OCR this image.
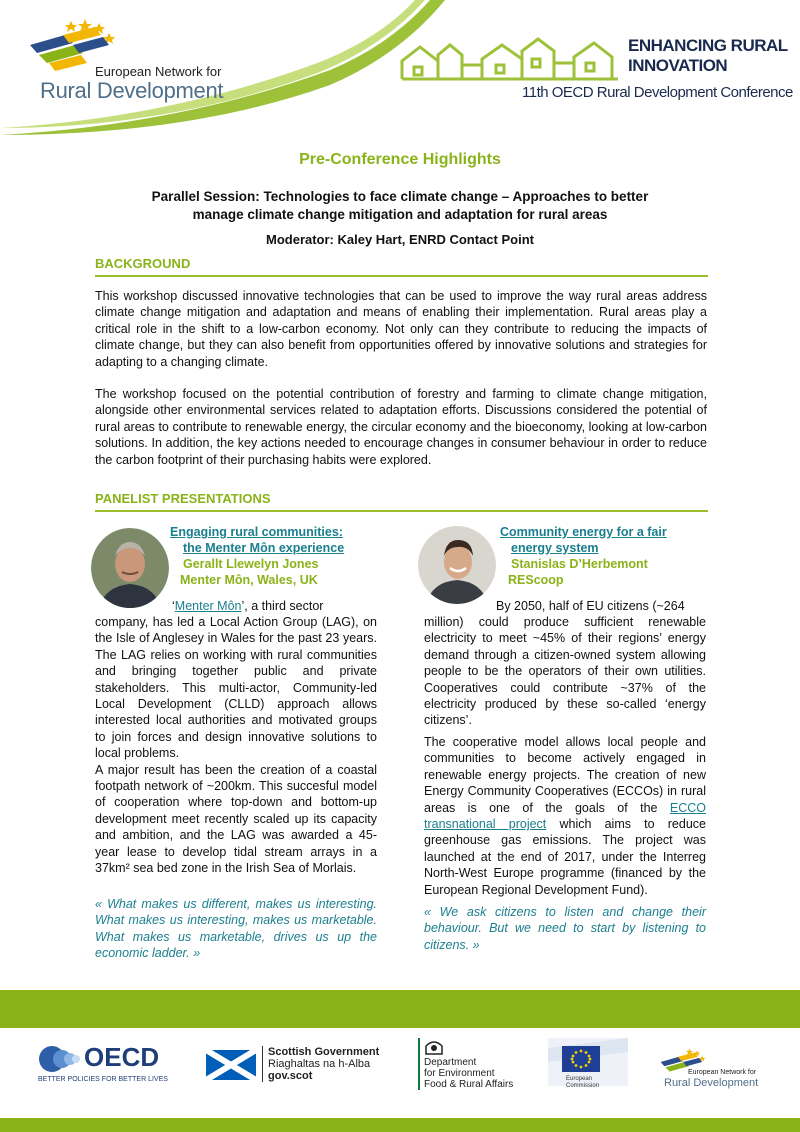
European Network for
Rural Development
ENHANCING RURAL
INNOVATION
11th OECD Rural Development Conference
Pre-Conference Highlights
Parallel Session: Technologies to face climate change – Approaches to better
manage climate change mitigation and adaptation for rural areas
Moderator: Kaley Hart, ENRD Contact Point
BACKGROUND
This workshop discussed innovative technologies that can be used to improve the way rural areas address climate change mitigation and adaptation and means of enabling their implementation. Rural areas play a critical role in the shift to a low-carbon economy. Not only can they contribute to reducing the impacts of climate change, but they can also benefit from opportunities offered by innovative solutions and strategies for adapting to a changing climate.
The workshop focused on the potential contribution of forestry and farming to climate change mitigation, alongside other environmental services related to adaptation efforts. Discussions considered the potential of rural areas to contribute to renewable energy, the circular economy and the bioeconomy, looking at low-carbon solutions. In addition, the key actions needed to encourage changes in consumer behaviour in order to reduce the carbon footprint of their purchasing habits were explored.
PANELIST PRESENTATIONS
Engaging rural communities:
the Menter Môn experience
Gerallt Llewelyn Jones
Menter Môn, Wales, UK
‘Menter Môn’, a third sector
company, has led a Local Action Group (LAG), on the Isle of Anglesey in Wales for the past 23 years. The LAG relies on working with rural communities and bringing together public and private stakeholders. This multi-actor, Community-led Local Development (CLLD) approach allows interested local authorities and motivated groups to join forces and design innovative solutions to local problems.
A major result has been the creation of a coastal footpath network of ~200km. This succesful model of cooperation where top-down and bottom-up development meet recently scaled up its capacity and ambition, and the LAG was awarded a 45-year lease to develop tidal stream arrays in a 37km² sea bed zone in the Irish Sea of Morlais.
« What makes us different, makes us interesting. What makes us interesting, makes us marketable. What makes us marketable, drives us up the economic ladder. »
Community energy for a fair
energy system
Stanislas D’Herbemont
REScoop
By 2050, half of EU citizens (~264
million) could produce sufficient renewable electricity to meet ~45% of their regions’ energy demand through a citizen-owned system allowing people to be the operators of their own utilities. Cooperatives could contribute ~37% of the electricity produced by these so-called ‘energy citizens’.
The cooperative model allows local people and communities to become actively engaged in renewable energy projects. The creation of new Energy Community Cooperatives (ECCOs) in rural areas is one of the goals of the ECCO transnational project which aims to reduce greenhouse gas emissions. The project was launched at the end of 2017, under the Interreg North-West Europe programme (financed by the European Regional Development Fund).
« We ask citizens to listen and change their behaviour. But we need to start by listening to citizens. »
OECD
BETTER POLICIES FOR BETTER LIVES
Scottish Government
Riaghaltas na h-Alba
gov.scot
Department
for Environment
Food & Rural Affairs	European
Commission
European Network for
Rural Development
